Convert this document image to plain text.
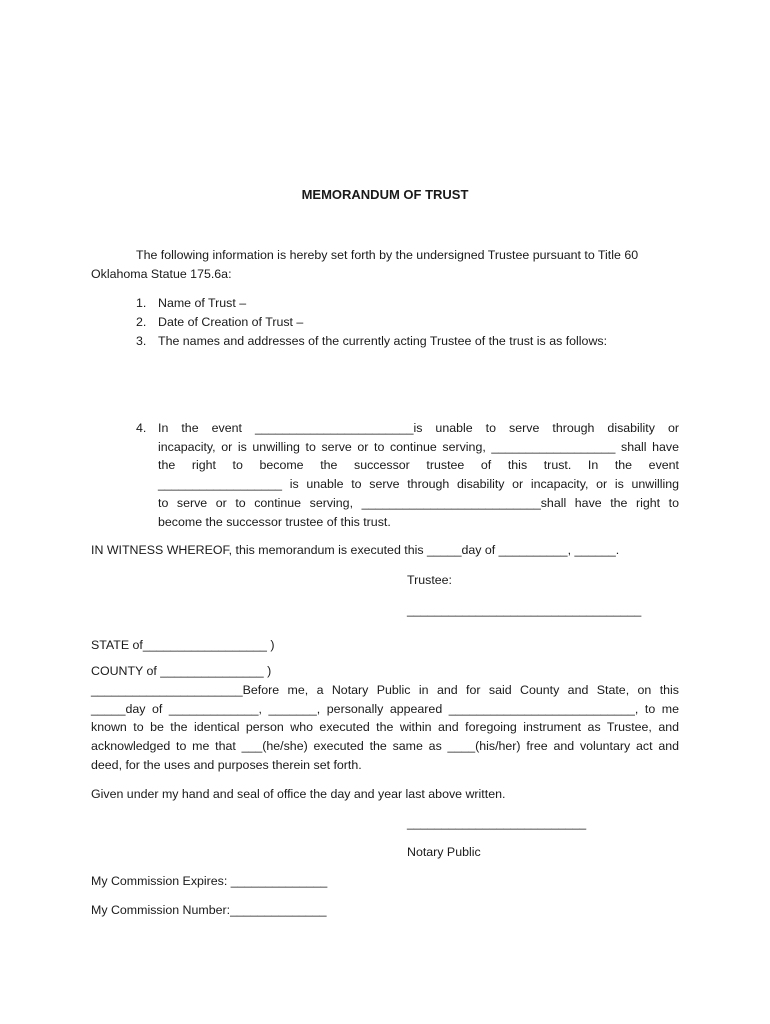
MEMORANDUM OF TRUST
The following information is hereby set forth by the undersigned Trustee pursuant to Title 60
Oklahoma Statue 175.6a:
1. Name of Trust –
2. Date of Creation of Trust –
3. The names and addresses of the currently acting Trustee of the trust is as follows:
4. In the event _______________________is unable to serve through disability or
incapacity, or is unwilling to serve or to continue serving, __________________ shall have
the right to become the successor trustee of this trust. In the event
__________________ is unable to serve through disability or incapacity, or is unwilling
to serve or to continue serving, __________________________shall have the right to
become the successor trustee of this trust.
IN WITNESS WHEREOF, this memorandum is executed this _____day of __________, ______.
Trustee:
__________________________________
STATE of__________________ )
COUNTY of _______________ )
______________________Before me, a Notary Public in and for said County and State, on this
_____day of _____________, _______, personally appeared ___________________________, to me
known to be the identical person who executed the within and foregoing instrument as Trustee, and
acknowledged to me that ___(he/she) executed the same as ____(his/her) free and voluntary act and
deed, for the uses and purposes therein set forth.
Given under my hand and seal of office the day and year last above written.
__________________________
Notary Public
My Commission Expires: ______________
My Commission Number:______________
